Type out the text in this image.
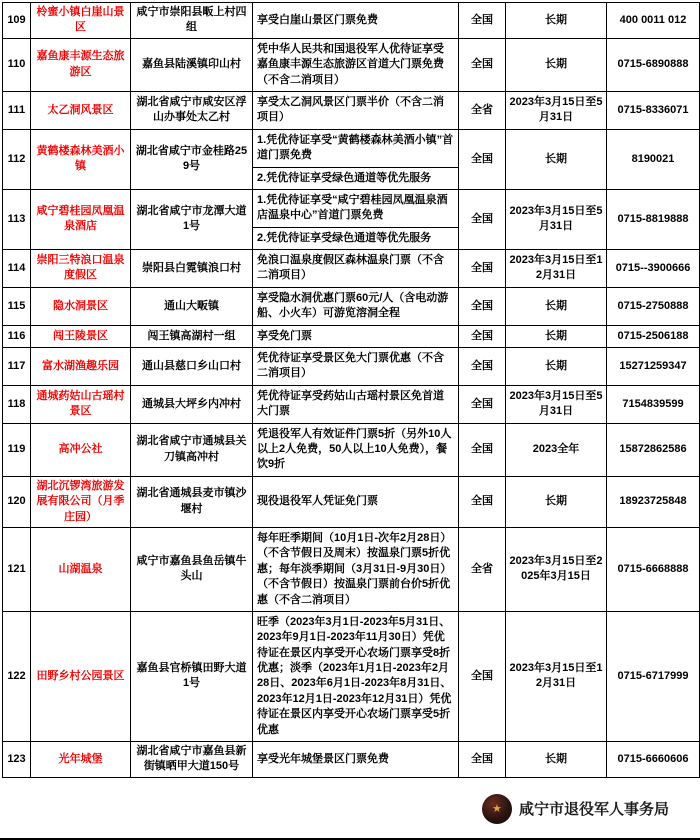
109	柃蜜小镇白崖山景区	咸宁市崇阳县畈上村四组	享受白崖山景区门票免费	全国	长期	400 0011 012
110	嘉鱼康丰源生态旅游区	嘉鱼县陆溪镇印山村	凭中华人民共和国退役军人优待证享受嘉鱼康丰源生态旅游区首道大门票免费（不含二消项目）	全国	长期	0715-6890888
111	太乙洞风景区	湖北省咸宁市咸安区浮山办事处太乙村	享受太乙洞风景区门票半价（不含二消项目）	全省	2023年3月15日至5月31日	0715-8336071
112	黄鹤楼森林美酒小镇	湖北省咸宁市金桂路259号	1.凭优待证享受“黄鹤楼森林美酒小镇”首道门票免费
2.凭优待证享受绿色通道等优先服务	全国	长期	8190021
113	咸宁碧桂园凤凰温泉酒店	湖北省咸宁市龙潭大道1号	1.凭优待证享受“咸宁碧桂园凤凰温泉酒店温泉中心”首道门票免费
2.凭优待证享受绿色通道等优先服务	全国	2023年3月15日至5月31日	0715-8819888
114	崇阳三特浪口温泉度假区	崇阳县白霓镇浪口村	免浪口温泉度假区森林温泉门票（不含二消项目）	全国	2023年3月15日至12月31日	0715--3900666
115	隐水洞景区	通山大畈镇	享受隐水洞优惠门票60元/人（含电动游船、小火车）可游览溶洞全程	全国	长期	0715-2750888
116	闯王陵景区	闯王镇高湖村一组	享受免门票	全国	长期	0715-2506188
117	富水湖渔趣乐园	通山县慈口乡山口村	凭优待证享受景区免大门票优惠（不含二消项目）	全国	长期	15271259347
118	通城药姑山古瑶村景区	通城县大坪乡内冲村	凭优待证享受药姑山古瑶村景区免首道大门票	全国	2023年3月15日至5月31日	7154839599
119	高冲公社	湖北省咸宁市通城县关刀镇高冲村	凭退役军人有效证件门票5折（另外10人以上2人免费，50人以上10人免费），餐饮9折	全国	2023全年	15872862586
120	湖北沉锣湾旅游发展有限公司（月季庄园）	湖北省通城县麦市镇沙堰村	现役退役军人凭证免门票	全国	长期	18923725848
121	山湖温泉	咸宁市嘉鱼县鱼岳镇牛头山	每年旺季期间（10月1日-次年2月28日）（不含节假日及周末）按温泉门票5折优惠；每年淡季期间（3月31日-9月30日）（不含节假日）按温泉门票前台价5折优惠（不含二消项目）	全省	2023年3月15日至2025年3月15日	0715-6668888
122	田野乡村公园景区	嘉鱼县官桥镇田野大道1号	旺季（2023年3月1日-2023年5月31日、2023年9月1日-2023年11月30日）凭优待证在景区内享受开心农场门票享受8折优惠；淡季（2023年1月1日-2023年2月28日、2023年6月1日-2023年8月31日、2023年12月1日-2023年12月31日）凭优待证在景区内享受开心农场门票享受5折优惠	全国	2023年3月15日至12月31日	0715-6717999
123	光年城堡	湖北省咸宁市嘉鱼县新街镇晒甲大道150号	享受光年城堡景区门票免费	全国	长期	0715-6660606
★ 咸宁市退役军人事务局
